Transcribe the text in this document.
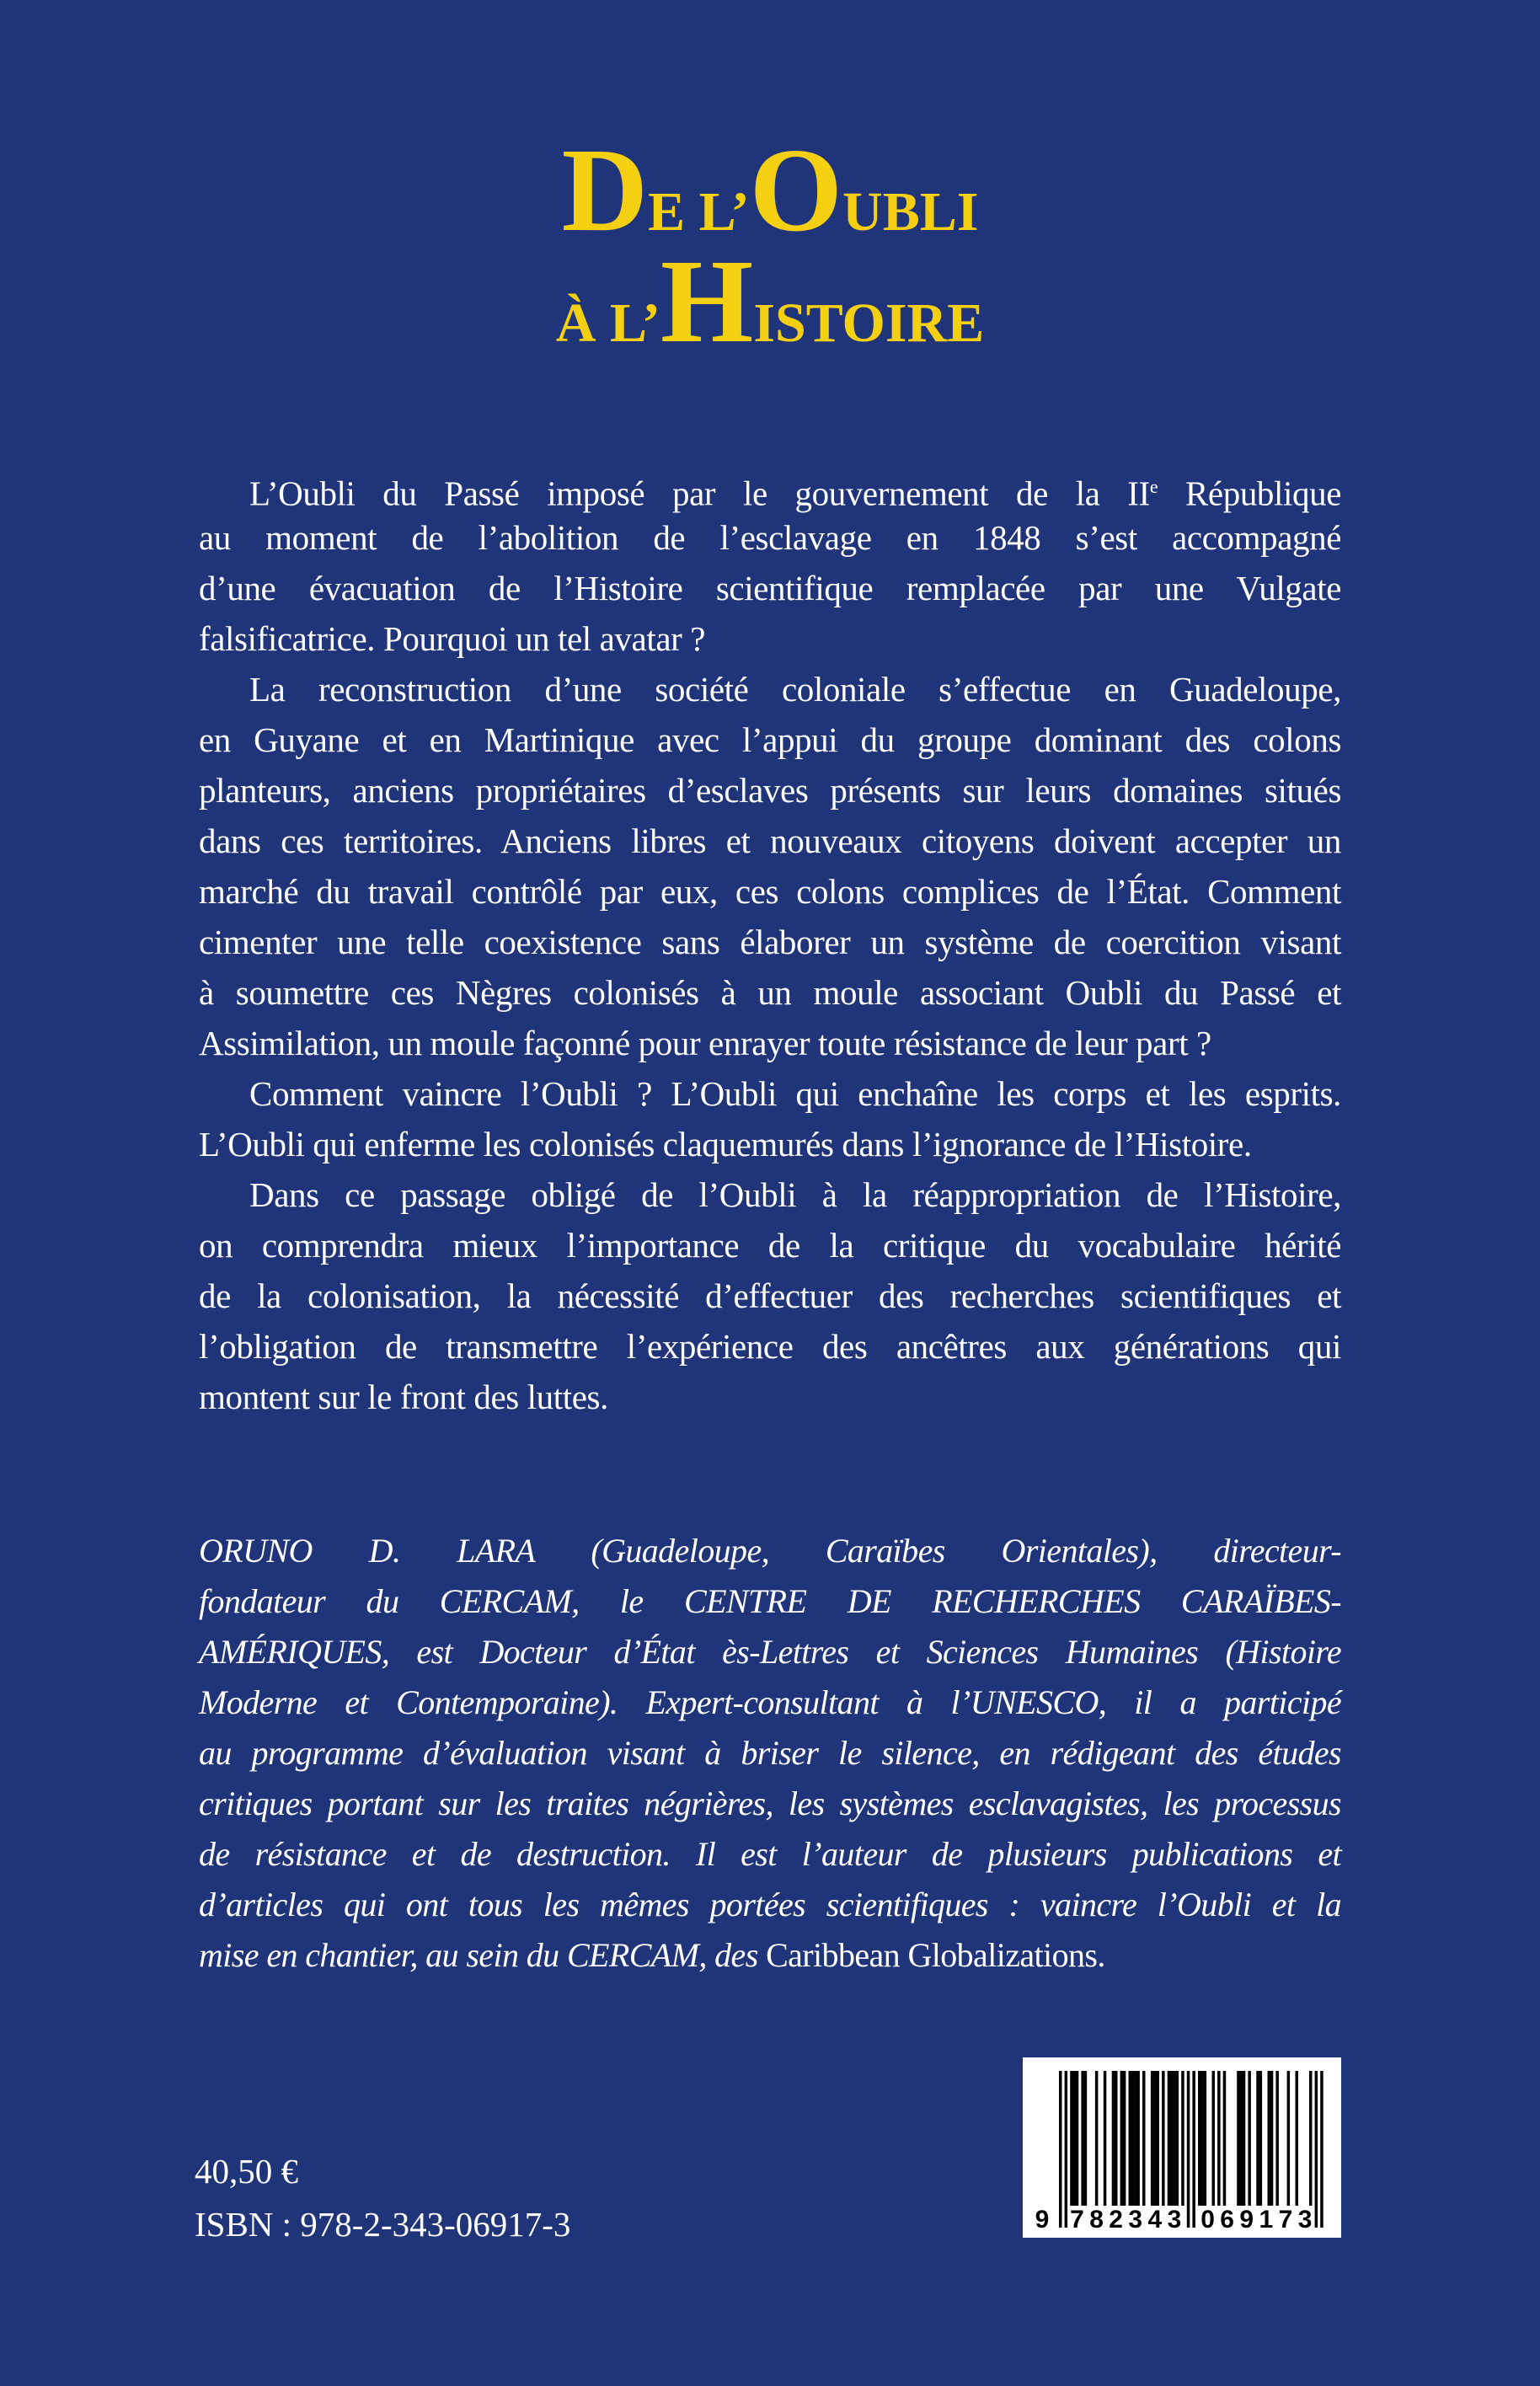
DE L’OUBLI
À L’HISTOIRE
L’Oubli du Passé imposé par le gouvernement de la IIe République
au moment de l’abolition de l’esclavage en 1848 s’est accompagné
d’une évacuation de l’Histoire scientifique remplacée par une Vulgate
falsificatrice. Pourquoi un tel avatar ?
La reconstruction d’une société coloniale s’effectue en Guadeloupe,
en Guyane et en Martinique avec l’appui du groupe dominant des colons
planteurs, anciens propriétaires d’esclaves présents sur leurs domaines situés
dans ces territoires. Anciens libres et nouveaux citoyens doivent accepter un
marché du travail contrôlé par eux, ces colons complices de l’État. Comment
cimenter une telle coexistence sans élaborer un système de coercition visant
à soumettre ces Nègres colonisés à un moule associant Oubli du Passé et
Assimilation, un moule façonné pour enrayer toute résistance de leur part ?
Comment vaincre l’Oubli ? L’Oubli qui enchaîne les corps et les esprits.
L’Oubli qui enferme les colonisés claquemurés dans l’ignorance de l’Histoire.
Dans ce passage obligé de l’Oubli à la réappropriation de l’Histoire,
on comprendra mieux l’importance de la critique du vocabulaire hérité
de la colonisation, la nécessité d’effectuer des recherches scientifiques et
l’obligation de transmettre l’expérience des ancêtres aux générations qui
montent sur le front des luttes.
ORUNO D. LARA (Guadeloupe, Caraïbes Orientales), directeur-
fondateur du CERCAM, le CENTRE DE RECHERCHES CARAÏBES-
AMÉRIQUES, est Docteur d’État ès-Lettres et Sciences Humaines (Histoire
Moderne et Contemporaine). Expert-consultant à l’UNESCO, il a participé
au programme d’évaluation visant à briser le silence, en rédigeant des études
critiques portant sur les traites négrières, les systèmes esclavagistes, les processus
de résistance et de destruction. Il est l’auteur de plusieurs publications et
d’articles qui ont tous les mêmes portées scientifiques : vaincre l’Oubli et la
mise en chantier, au sein du CERCAM, des Caribbean Globalizations.
40,50 €
ISBN : 978-2-343-06917-3	9 7 8 2 3 4 3 0 6 9 1 7 3
